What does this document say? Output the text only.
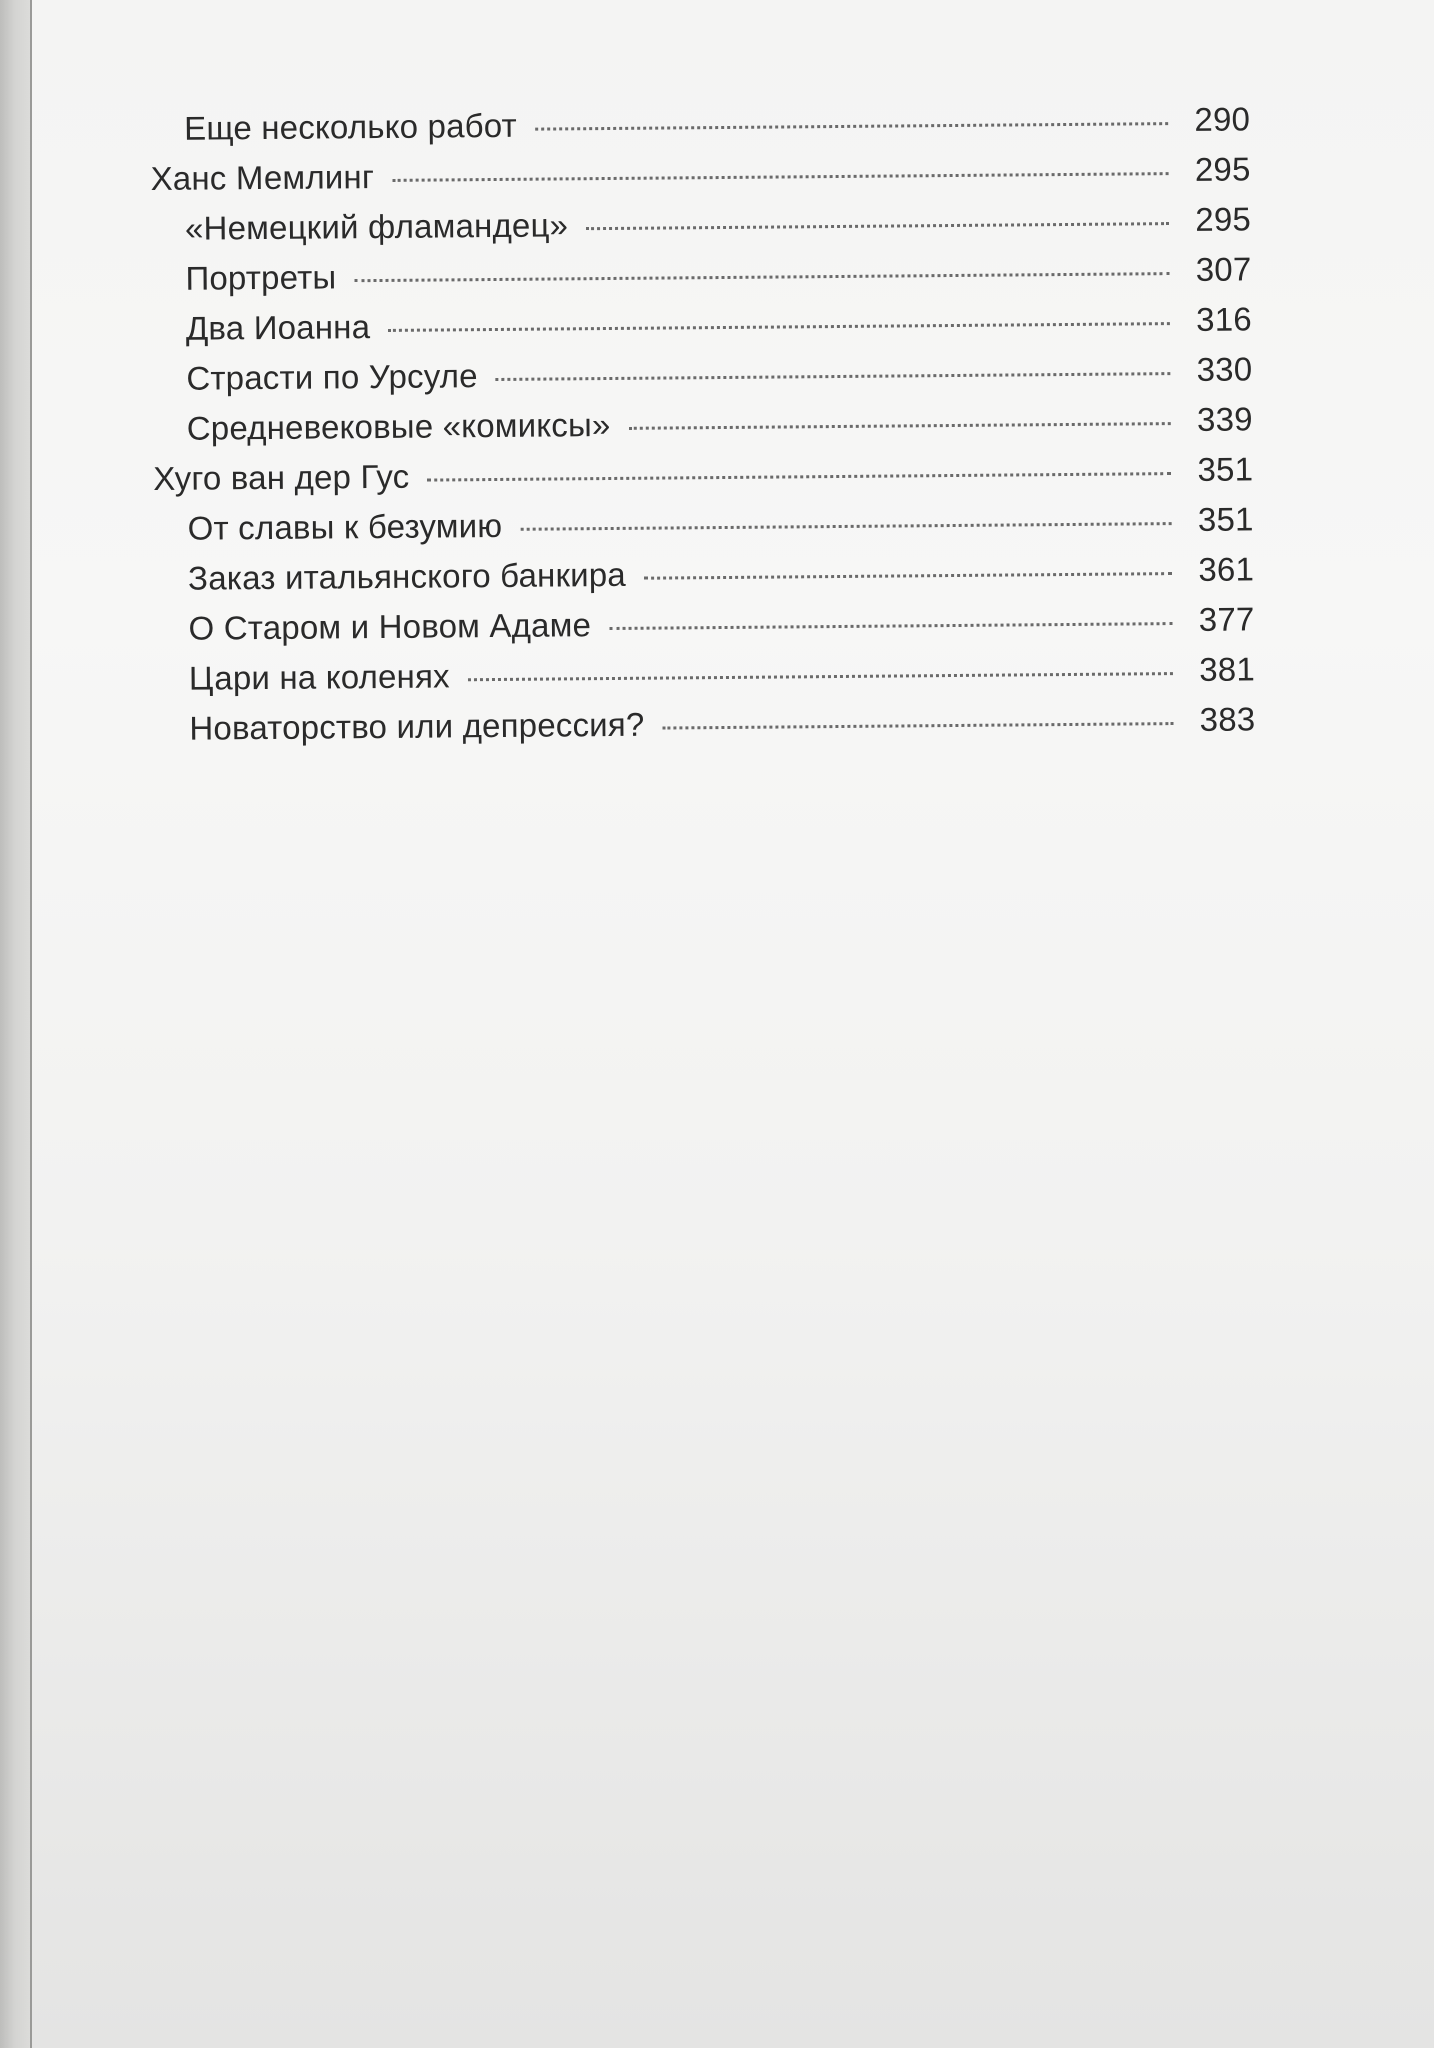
Еще несколько работ	290
Ханс Мемлинг	295
«Немецкий фламандец»	295
Портреты	307
Два Иоанна	316
Страсти по Урсуле	330
Средневековые «комиксы»	339
Хуго ван дер Гус	351
От славы к безумию	351
Заказ итальянского банкира	361
О Старом и Новом Адаме	377
Цари на коленях	381
Новаторство или депрессия?	383
